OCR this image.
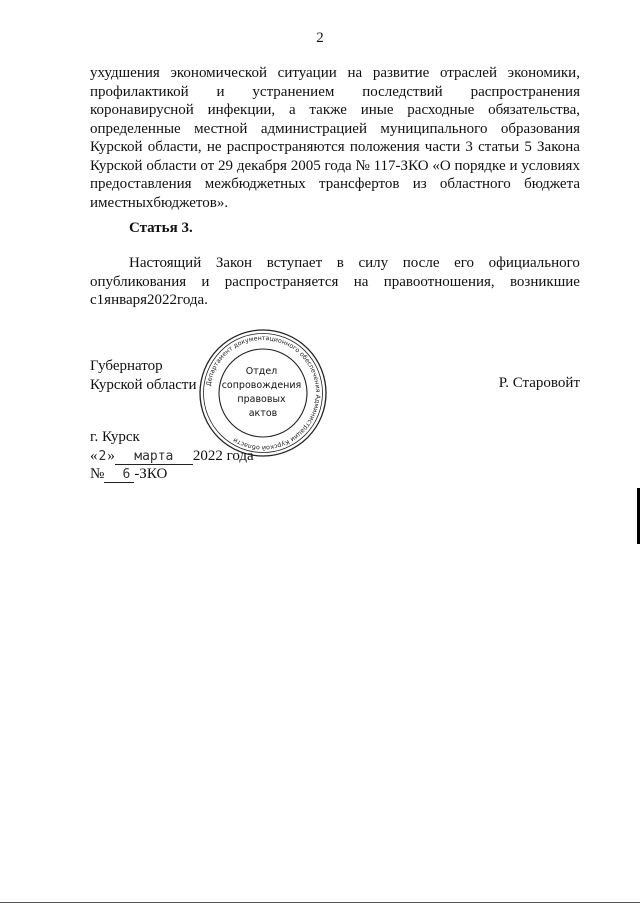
2
ухудшения экономической ситуации на развитие отраслей экономики,
профилактикой и устранением последствий распространения
коронавирусной инфекции, а также иные расходные обязательства,
определенные местной администрацией муниципального образования
Курской области, не распространяются положения части 3 статьи 5 Закона
Курской области от 29 декабря 2005 года № 117-ЗКО «О порядке и условиях
предоставления межбюджетных трансфертов из областного бюджета
и местных бюджетов».
Статья 3.
Настоящий Закон вступает в силу после его официального
опубликования и распространяется на правоотношения, возникшие
с 1 января 2022 года.
Губернатор
Курской области	Р. Старовойт
Департамент документационного обеспечения Администрации Курской области
Отдел сопровождения правовых актов
г. Курск
«2» марта 2022 года
№ 6 -ЗКО
